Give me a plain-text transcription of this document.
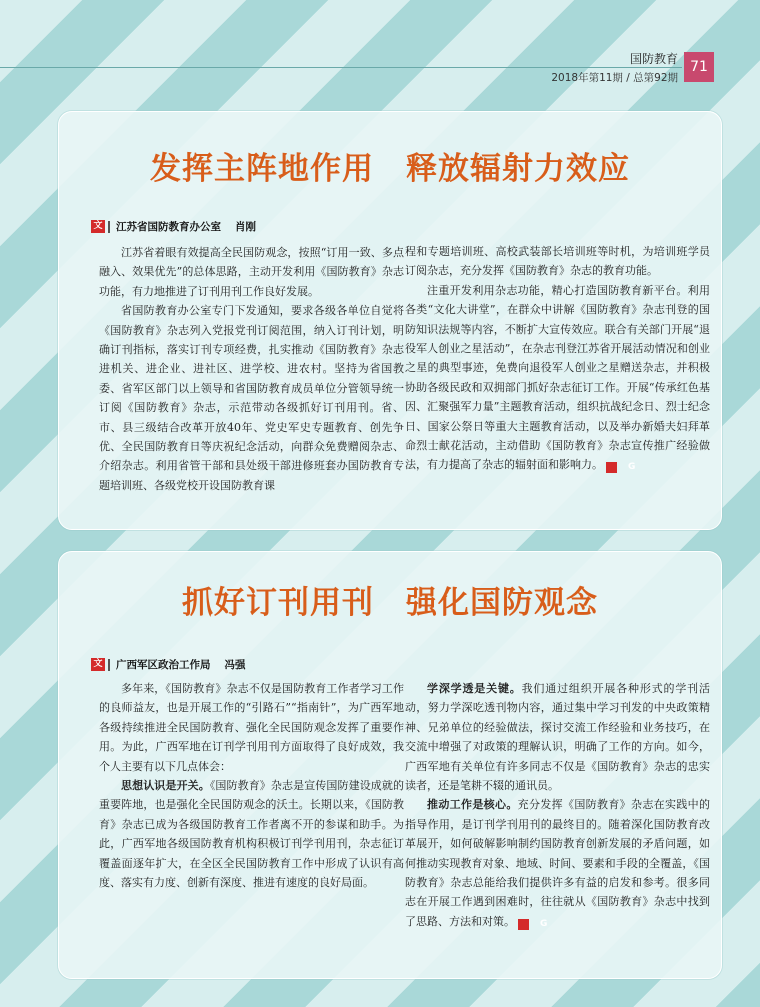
国防教育
2018年第11期 / 总第92期
71
发挥主阵地作用　释放辐射力效应
文 江苏省国防教育办公室 肖刚

江苏省着眼有效提高全民国防观念，按照“订用一致、多点融入、效果优先”的总体思路，主动开发利用《国防教育》杂志功能，有力地推进了订刊用刊工作良好发展。

省国防教育办公室专门下发通知，要求各级各单位自觉将《国防教育》杂志列入党报党刊订阅范围，纳入订刊计划，明确订刊指标，落实订刊专项经费，扎实推动《国防教育》杂志进机关、进企业、进社区、进学校、进农村。坚持为省国教委、省军区部门以上领导和省国防教育成员单位分管领导统一订阅《国防教育》杂志，示范带动各级抓好订刊用刊。省、市、县三级结合改革开放40年、党史军史专题教育、创先争优、全民国防教育日等庆祝纪念活动，向群众免费赠阅杂志、介绍杂志。利用省管干部和县处级干部进修班套办国防教育专题培训班、各级党校开设国防教育课

程和专题培训班、高校武装部长培训班等时机，为培训班学员订阅杂志，充分发挥《国防教育》杂志的教育功能。

注重开发利用杂志功能，精心打造国防教育新平台。利用各类“文化大讲堂”，在群众中讲解《国防教育》杂志刊登的国防知识法规等内容，不断扩大宣传效应。联合有关部门开展“退役军人创业之星活动”，在杂志刊登江苏省开展活动情况和创业之星的典型事迹，免费向退役军人创业之星赠送杂志，并积极协助各级民政和双拥部门抓好杂志征订工作。开展“传承红色基因、汇聚强军力量”主题教育活动，组织抗战纪念日、烈士纪念日、国家公祭日等重大主题教育活动，以及举办新婚夫妇拜革命烈士献花活动，主动借助《国防教育》杂志宣传推广经验做法，有力提高了杂志的辐射面和影响力。	G

抓好订刊用刊　强化国防观念
文 广西军区政治工作局 冯强

多年来，《国防教育》杂志不仅是国防教育工作者学习工作的良师益友，也是开展工作的“引路石”“指南针”，为广西军地各级持续推进全民国防教育、强化全民国防观念发挥了重要作用。为此，广西军地在订刊学刊用刊方面取得了良好成效，我个人主要有以下几点体会：

思想认识是开关。《国防教育》杂志是宣传国防建设成就的重要阵地，也是强化全民国防观念的沃土。长期以来，《国防教育》杂志已成为各级国防教育工作者离不开的参谋和助手。为此，广西军地各级国防教育机构积极订刊学刊用刊，杂志征订覆盖面逐年扩大，在全区全民国防教育工作中形成了认识有高度、落实有力度、创新有深度、推进有速度的良好局面。

学深学透是关键。我们通过组织开展各种形式的学刊活动，努力学深吃透刊物内容，通过集中学习刊发的中央政策精神、兄弟单位的经验做法，探讨交流工作经验和业务技巧，在交流中增强了对政策的理解认识，明确了工作的方向。如今，广西军地有关单位有许多同志不仅是《国防教育》杂志的忠实读者，还是笔耕不辍的通讯员。

推动工作是核心。充分发挥《国防教育》杂志在实践中的指导作用，是订刊学刊用刊的最终目的。随着深化国防教育改革展开，如何破解影响制约国防教育创新发展的矛盾问题，如何推动实现教育对象、地域、时间、要素和手段的全覆盖，《国防教育》杂志总能给我们提供许多有益的启发和参考。很多同志在开展工作遇到困难时，往往就从《国防教育》杂志中找到了思路、方法和对策。	G
